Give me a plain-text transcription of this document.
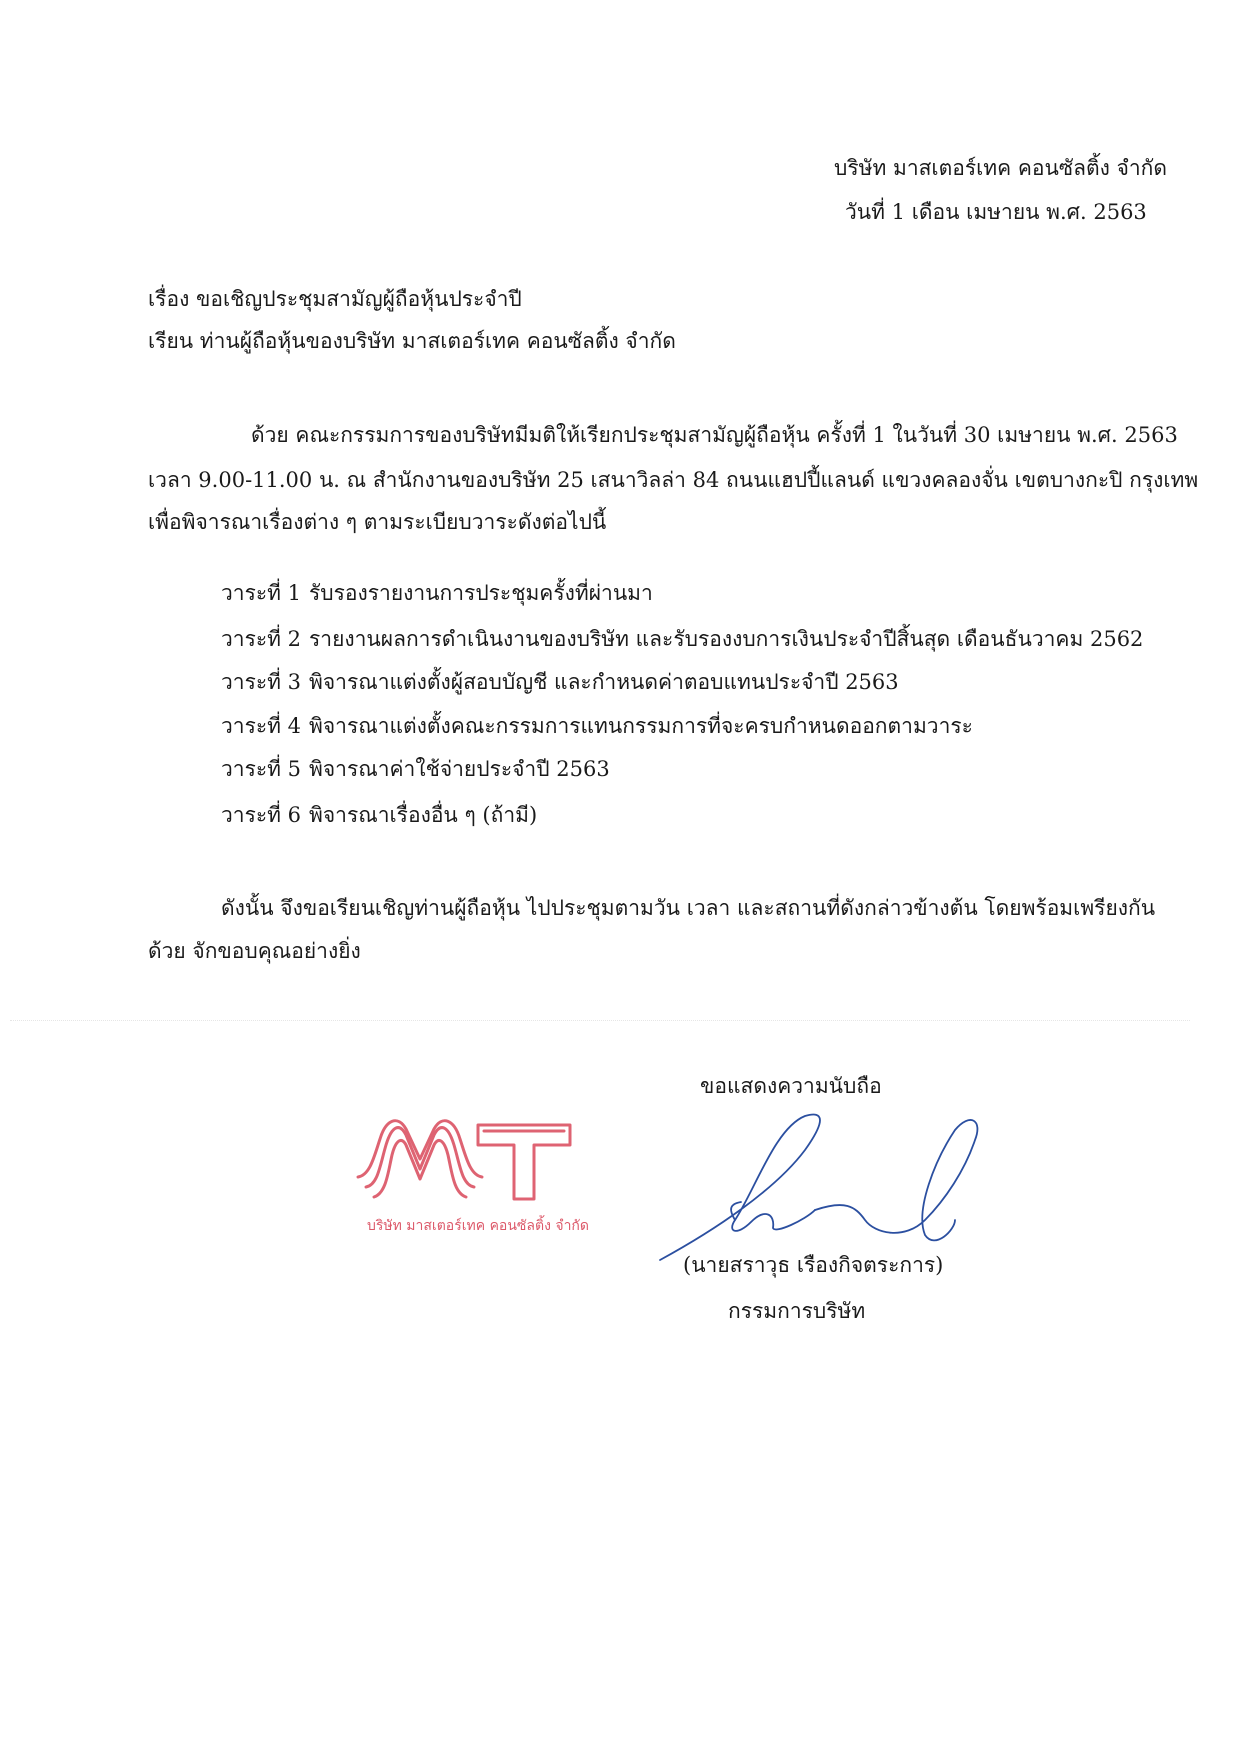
บริษัท มาสเตอร์เทค คอนซัลติ้ง จำกัด
วันที่ 1 เดือน เมษายน พ.ศ. 2563
เรื่อง ขอเชิญประชุมสามัญผู้ถือหุ้นประจำปี
เรียน ท่านผู้ถือหุ้นของบริษัท มาสเตอร์เทค คอนซัลติ้ง จำกัด
ด้วย คณะกรรมการของบริษัทมีมติให้เรียกประชุมสามัญผู้ถือหุ้น ครั้งที่ 1 ในวันที่ 30 เมษายน พ.ศ. 2563
เวลา 9.00-11.00 น. ณ สำนักงานของบริษัท 25 เสนาวิลล่า 84 ถนนแฮปปี้แลนด์ แขวงคลองจั่น เขตบางกะปิ กรุงเทพ
เพื่อพิจารณาเรื่องต่าง ๆ ตามระเบียบวาระดังต่อไปนี้
วาระที่ 1 รับรองรายงานการประชุมครั้งที่ผ่านมา
วาระที่ 2 รายงานผลการดำเนินงานของบริษัท และรับรองงบการเงินประจำปีสิ้นสุด เดือนธันวาคม 2562
วาระที่ 3 พิจารณาแต่งตั้งผู้สอบบัญชี และกำหนดค่าตอบแทนประจำปี 2563
วาระที่ 4 พิจารณาแต่งตั้งคณะกรรมการแทนกรรมการที่จะครบกำหนดออกตามวาระ
วาระที่ 5 พิจารณาค่าใช้จ่ายประจำปี 2563
วาระที่ 6 พิจารณาเรื่องอื่น ๆ (ถ้ามี)
ดังนั้น จึงขอเรียนเชิญท่านผู้ถือหุ้น ไปประชุมตามวัน เวลา และสถานที่ดังกล่าวข้างต้น โดยพร้อมเพรียงกัน
ด้วย จักขอบคุณอย่างยิ่ง
ขอแสดงความนับถือ
บริษัท มาสเตอร์เทค คอนซัลติ้ง จำกัด
(นายสราวุธ เรืองกิจตระการ)
กรรมการบริษัท
